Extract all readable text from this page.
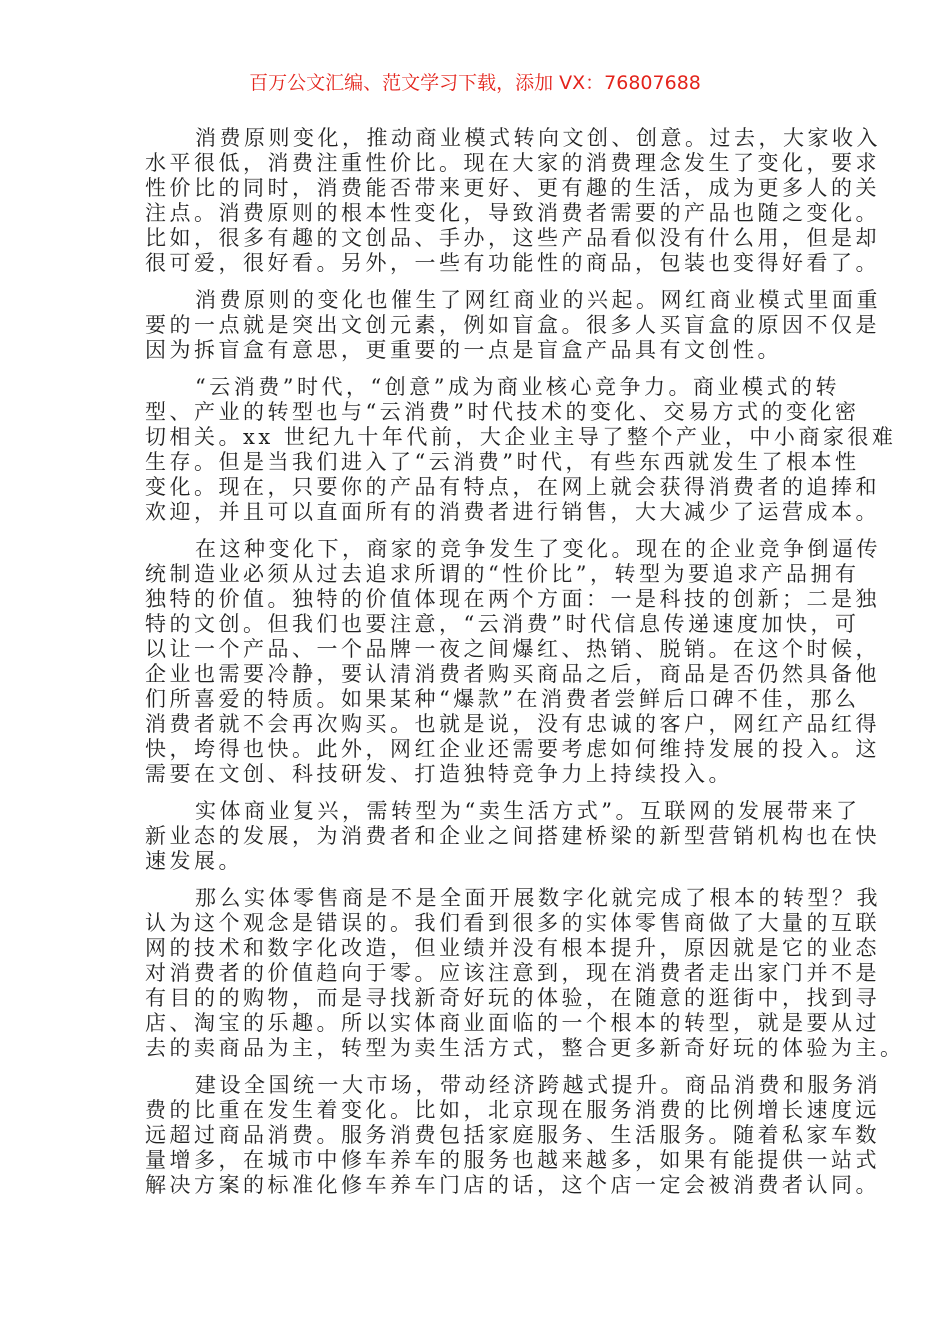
百万公文汇编、范文学习下载，添加 VX：76807688
消费原则变化，推动商业模式转向文创、创意。过去，大家收入
水平很低，消费注重性价比。现在大家的消费理念发生了变化，要求
性价比的同时，消费能否带来更好、更有趣的生活，成为更多人的关
注点。消费原则的根本性变化，导致消费者需要的产品也随之变化。
比如，很多有趣的文创品、手办，这些产品看似没有什么用，但是却
很可爱，很好看。另外，一些有功能性的商品，包装也变得好看了。
消费原则的变化也催生了网红商业的兴起。网红商业模式里面重
要的一点就是突出文创元素，例如盲盒。很多人买盲盒的原因不仅是
因为拆盲盒有意思，更重要的一点是盲盒产品具有文创性。
“云消费”时代，“创意”成为商业核心竞争力。商业模式的转
型、产业的转型也与“云消费”时代技术的变化、交易方式的变化密
切相关。xx 世纪九十年代前，大企业主导了整个产业，中小商家很难
生存。但是当我们进入了“云消费”时代，有些东西就发生了根本性
变化。现在，只要你的产品有特点，在网上就会获得消费者的追捧和
欢迎，并且可以直面所有的消费者进行销售，大大减少了运营成本。
在这种变化下，商家的竞争发生了变化。现在的企业竞争倒逼传
统制造业必须从过去追求所谓的“性价比”，转型为要追求产品拥有
独特的价值。独特的价值体现在两个方面：一是科技的创新；二是独
特的文创。但我们也要注意，“云消费”时代信息传递速度加快，可
以让一个产品、一个品牌一夜之间爆红、热销、脱销。在这个时候，
企业也需要冷静，要认清消费者购买商品之后，商品是否仍然具备他
们所喜爱的特质。如果某种“爆款”在消费者尝鲜后口碑不佳，那么
消费者就不会再次购买。也就是说，没有忠诚的客户，网红产品红得
快，垮得也快。此外，网红企业还需要考虑如何维持发展的投入。这
需要在文创、科技研发、打造独特竞争力上持续投入。
实体商业复兴，需转型为“卖生活方式”。互联网的发展带来了
新业态的发展，为消费者和企业之间搭建桥梁的新型营销机构也在快
速发展。
那么实体零售商是不是全面开展数字化就完成了根本的转型？我
认为这个观念是错误的。我们看到很多的实体零售商做了大量的互联
网的技术和数字化改造，但业绩并没有根本提升，原因就是它的业态
对消费者的价值趋向于零。应该注意到，现在消费者走出家门并不是
有目的的购物，而是寻找新奇好玩的体验，在随意的逛街中，找到寻
店、淘宝的乐趣。所以实体商业面临的一个根本的转型，就是要从过
去的卖商品为主，转型为卖生活方式，整合更多新奇好玩的体验为主。
建设全国统一大市场，带动经济跨越式提升。商品消费和服务消
费的比重在发生着变化。比如，北京现在服务消费的比例增长速度远
远超过商品消费。服务消费包括家庭服务、生活服务。随着私家车数
量增多，在城市中修车养车的服务也越来越多，如果有能提供一站式
解决方案的标准化修车养车门店的话，这个店一定会被消费者认同。
